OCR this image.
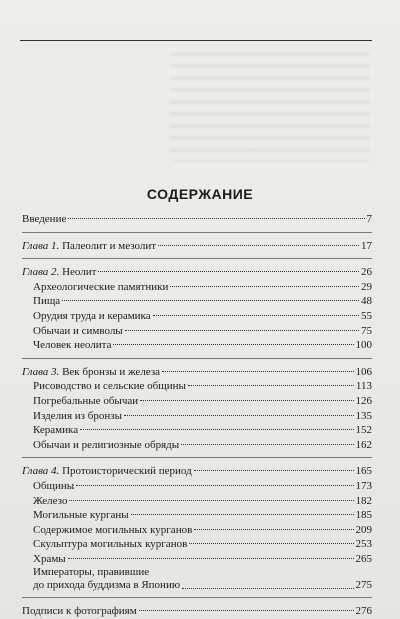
СОДЕРЖАНИЕ
Введение	7
Глава 1. Палеолит и мезолит	17
Глава 2. Неолит	26
Археологические памятники	29
Пища	48
Орудия труда и керамика	55
Обычаи и символы	75
Человек неолита	100
Глава 3. Век бронзы и железа	106
Рисоводство и сельские общины	113
Погребальные обычаи	126
Изделия из бронзы	135
Керамика	152
Обычаи и религиозные обряды	162
Глава 4. Протоисторический период	165
Общины	173
Железо	182
Могильные курганы	185
Содержимое могильных курганов	209
Скульптура могильных курганов	253
Храмы	265
Императоры, правившие
до прихода буддизма в Японию	275
Подписи к фотографиям	276
